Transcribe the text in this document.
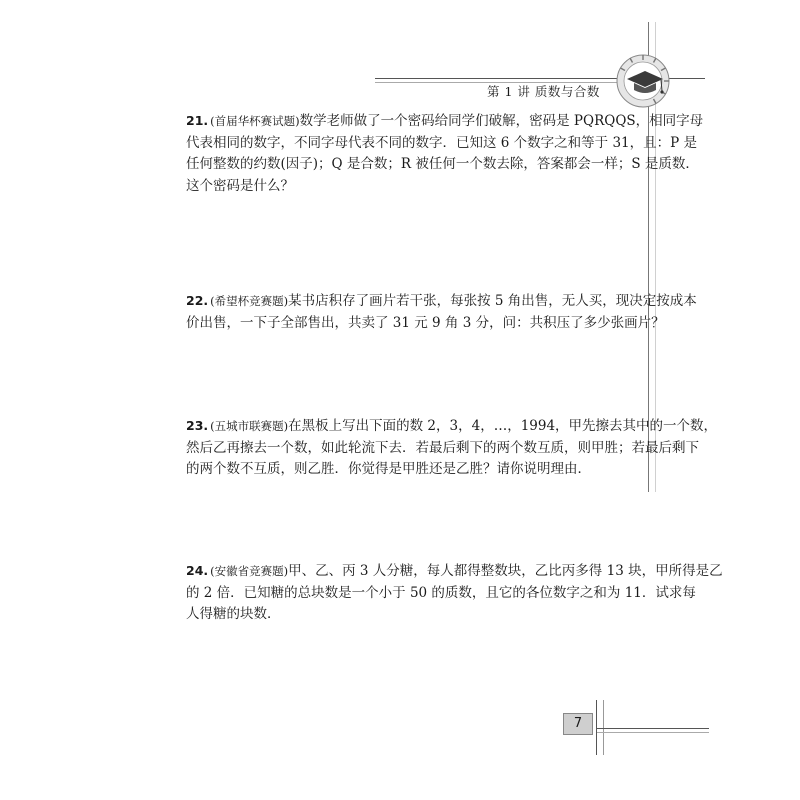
第 1 讲 质数与合数
21. (首届华杯赛试题)数学老师做了一个密码给同学们破解，密码是 PQRQQS，相同字母
代表相同的数字，不同字母代表不同的数字．已知这 6 个数字之和等于 31，且：P 是
任何整数的约数(因子)；Q 是合数；R 被任何一个数去除，答案都会一样；S 是质数．
这个密码是什么？
22. (希望杯竞赛题)某书店积存了画片若干张，每张按 5 角出售，无人买，现决定按成本
价出售，一下子全部售出，共卖了 31 元 9 角 3 分，问：共积压了多少张画片？
23. (五城市联赛题)在黑板上写出下面的数 2，3，4，…，1994，甲先擦去其中的一个数，
然后乙再擦去一个数，如此轮流下去．若最后剩下的两个数互质，则甲胜；若最后剩下
的两个数不互质，则乙胜．你觉得是甲胜还是乙胜？请你说明理由．
24. (安徽省竞赛题)甲、乙、丙 3 人分糖，每人都得整数块，乙比丙多得 13 块，甲所得是乙
的 2 倍．已知糖的总块数是一个小于 50 的质数，且它的各位数字之和为 11．试求每
人得糖的块数．
7
